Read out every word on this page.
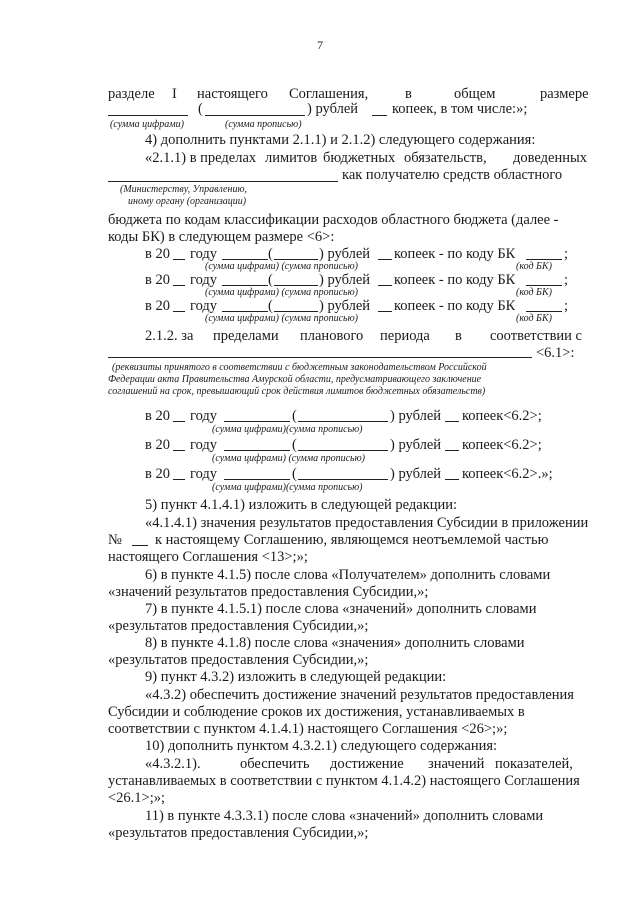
7
разделе I настоящего Соглашения,	в	общем	размере
(	) рублей копеек, в том числе:»;
(сумма цифрами)	(сумма прописью)
4) дополнить пунктами 2.1.1) и 2.1.2) следующего содержания:
«2.1.1) в пределах лимитов бюджетных обязательств, доведенных
как получателю средств областного
(Министерству, Управлению,
иному органу (организации)
бюджета по кодам классификации расходов областного бюджета (далее -
коды БК) в следующем размере <6>:
в 20 году	(	) рублей копеек - по коду БК	;
(сумма цифрами) (сумма прописью)	(код БК)
в 20 году	(	) рублей копеек - по коду БК	;
(сумма цифрами) (сумма прописью)	(код БК)
в 20 году	(	) рублей копеек - по коду БК	;
(сумма цифрами) (сумма прописью)	(код БК)
2.1.2. за пределами планового периода в соответствии с
<6.1>:
(реквизиты принятого в соответствии с бюджетным законодательством Российской
Федерации акта Правительства Амурской области, предусматривающего заключение
соглашений на срок, превышающий срок действия лимитов бюджетных обязательств)
в 20 году	(	) рублей копеек<6.2>;
(сумма цифрами)(сумма прописью)
в 20 году	(	) рублей копеек<6.2>;
(сумма цифрами) (сумма прописью)
в 20 году	(	) рублей копеек<6.2>.»;
(сумма цифрами)(сумма прописью)
5) пункт 4.1.4.1) изложить в следующей редакции:
«4.1.4.1) значения результатов предоставления Субсидии в приложении
№ к настоящему Соглашению, являющемся неотъемлемой частью
настоящего Соглашения <13>;»;
6) в пункте 4.1.5) после слова «Получателем» дополнить словами
«значений результатов предоставления Субсидии,»;
7) в пункте 4.1.5.1) после слова «значений» дополнить словами
«результатов предоставления Субсидии,»;
8) в пункте 4.1.8) после слова «значения» дополнить словами
«результатов предоставления Субсидии,»;
9) пункт 4.3.2) изложить в следующей редакции:
«4.3.2) обеспечить достижение значений результатов предоставления
Субсидии и соблюдение сроков их достижения, устанавливаемых в
соответствии с пунктом 4.1.4.1) настоящего Соглашения <26>;»;
10) дополнить пунктом 4.3.2.1) следующего содержания:
«4.3.2.1).	обеспечить достижение значений показателей,
устанавливаемых в соответствии с пунктом 4.1.4.2) настоящего Соглашения
<26.1>;»;
11) в пункте 4.3.3.1) после слова «значений» дополнить словами
«результатов предоставления Субсидии,»;
